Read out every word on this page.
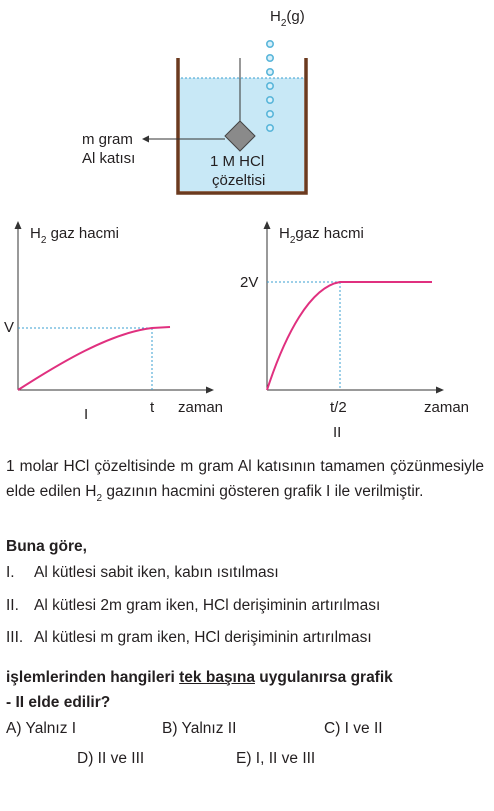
$H_2(g)$
m gram
Al katısı	1 M HCl
çözeltisi
$H_2$ gaz hacmi
V
t zaman
I
$H_2gaz$ hacmi
2V
t/2	zaman
II
1 molar HCl çözeltisinde m gram Al katısının tamamen çözünmesiyle elde edilen $H_2$ gazının hacmini gösteren grafik I ile verilmiştir.
Buna göre,
I. Al kütlesi sabit iken, kabın ısıtılması
II. Al kütlesi 2m gram iken, HCl derişiminin artırılması
III. Al kütlesi m gram iken, HCl derişiminin artırılması
işlemlerinden hangileri tek başına uygulanırsa grafik
- II elde edilir?
A) Yalnız I	B) Yalnız II	C) I ve II
D) II ve III	E) I, II ve III
